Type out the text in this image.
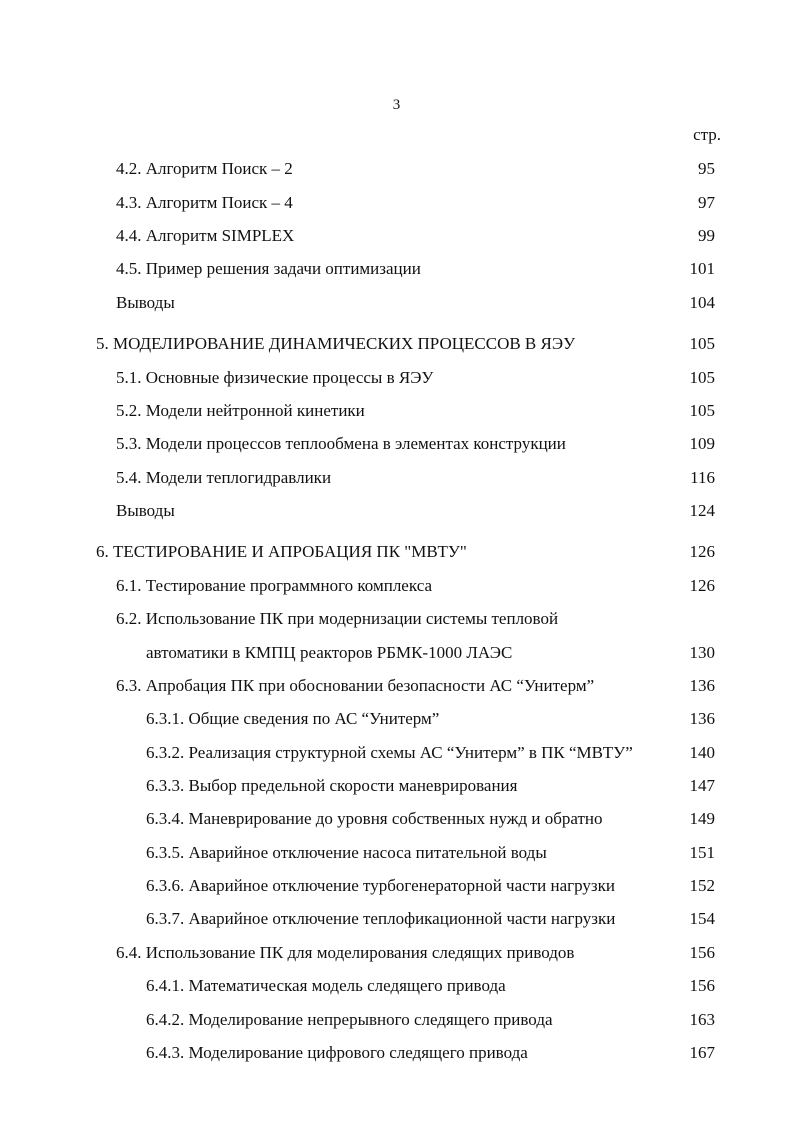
3
стр.
4.2. Алгоритм Поиск – 2	95
4.3. Алгоритм Поиск – 4	97
4.4. Алгоритм SIMPLEX	99
4.5. Пример решения задачи оптимизации	101
Выводы	104
5. МОДЕЛИРОВАНИЕ ДИНАМИЧЕСКИХ ПРОЦЕССОВ В ЯЭУ	105
5.1. Основные физические процессы в ЯЭУ	105
5.2. Модели нейтронной кинетики	105
5.3. Модели процессов теплообмена в элементах конструкции	109
5.4. Модели теплогидравлики	116
Выводы	124
6. ТЕСТИРОВАНИЕ И АПРОБАЦИЯ ПК "МВТУ"	126
6.1. Тестирование программного комплекса	126
6.2. Использование ПК при модернизации системы тепловой
автоматики в КМПЦ реакторов РБМК-1000 ЛАЭС	130
6.3. Апробация ПК при обосновании безопасности АС “Унитерм”	136
6.3.1. Общие сведения по АС “Унитерм”	136
6.3.2. Реализация структурной схемы АС “Унитерм” в ПК “МВТУ”	140
6.3.3. Выбор предельной скорости маневрирования	147
6.3.4. Маневрирование до уровня собственных нужд и обратно	149
6.3.5. Аварийное отключение насоса питательной воды	151
6.3.6. Аварийное отключение турбогенераторной части нагрузки	152
6.3.7. Аварийное отключение теплофикационной части нагрузки	154
6.4. Использование ПК для моделирования следящих приводов	156
6.4.1. Математическая модель следящего привода	156
6.4.2. Моделирование непрерывного следящего привода	163
6.4.3. Моделирование цифрового следящего привода	167
